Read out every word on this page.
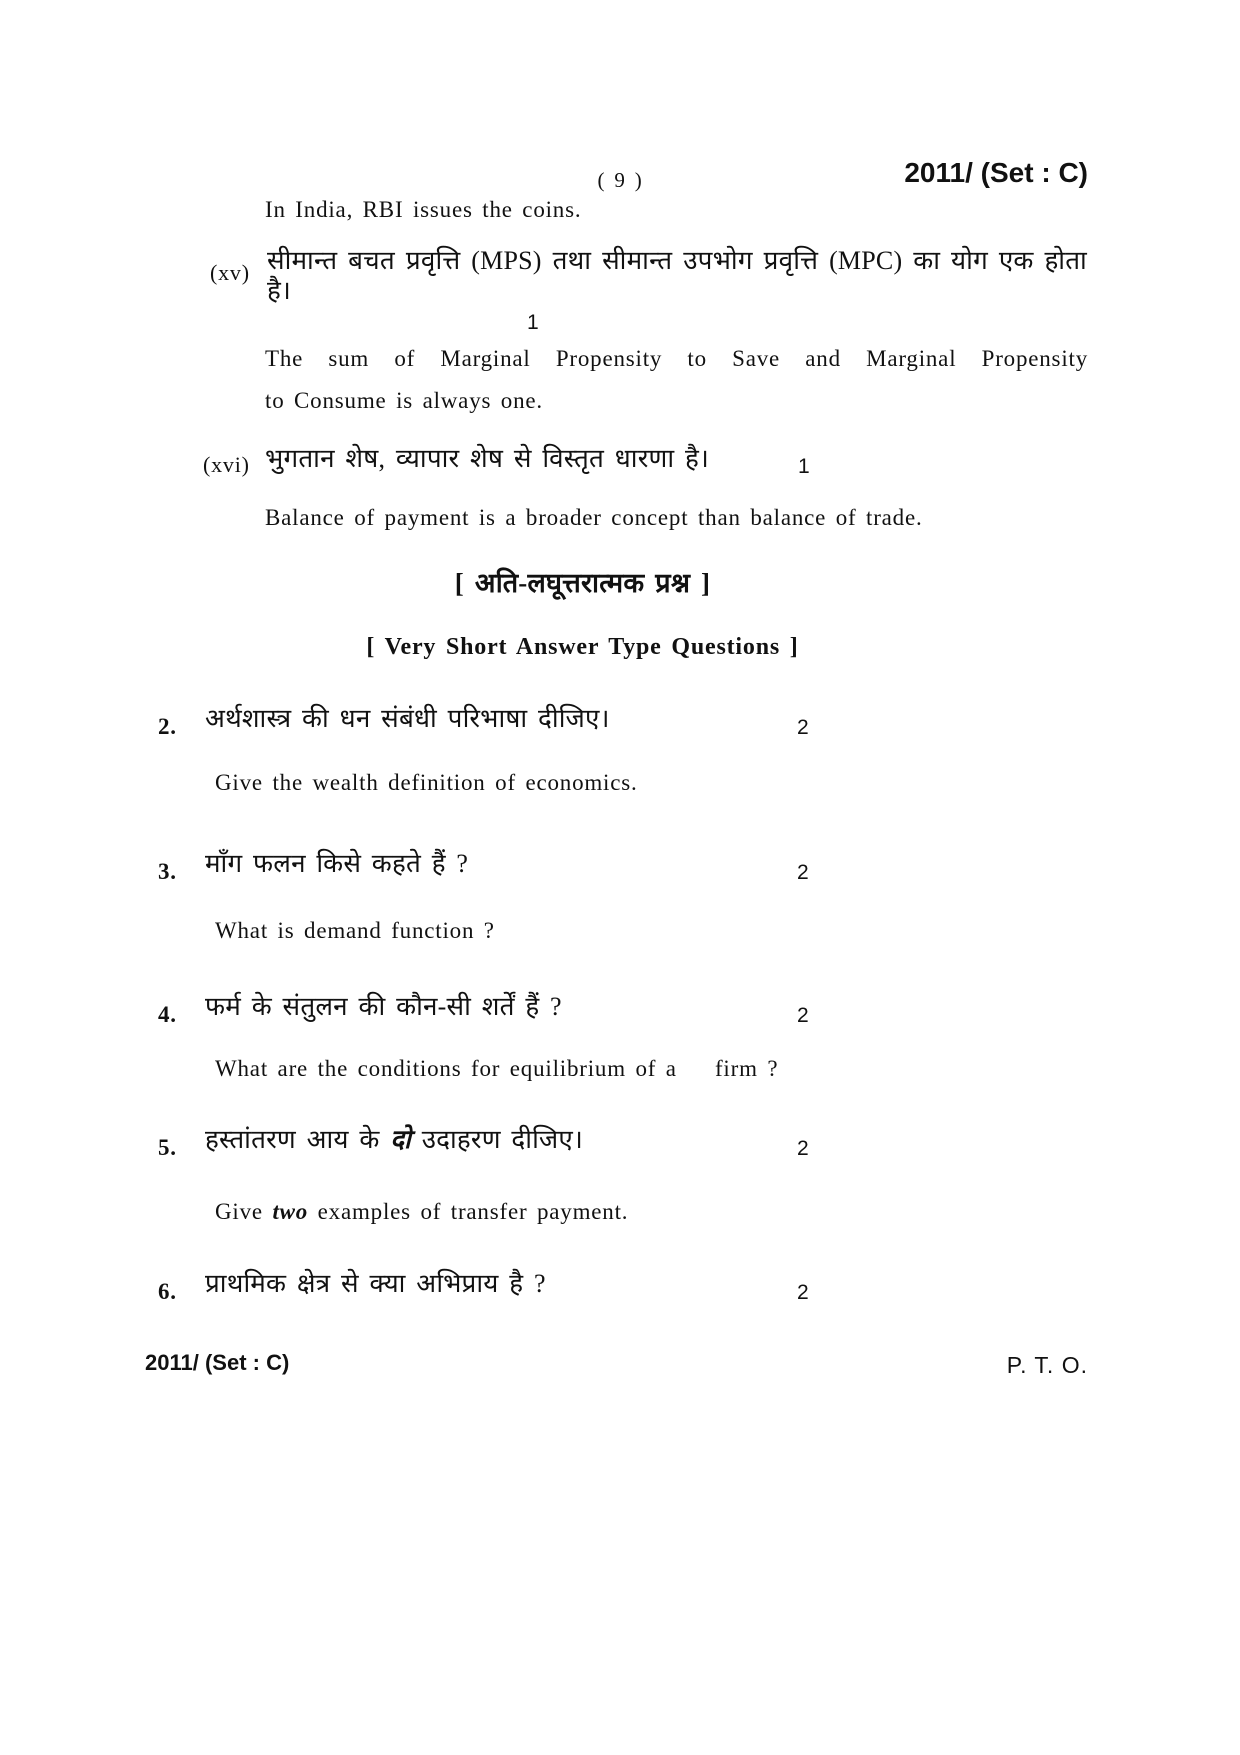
( 9 )	2011/ (Set : C)
In India, RBI issues the coins.
(xv) सीमान्त बचत प्रवृत्ति (MPS) तथा सीमान्त उपभोग प्रवृत्ति (MPC) का योग एक होता है।
1
The sum of Marginal Propensity to Save and Marginal Propensity
to Consume is always one.
(xvi) भुगतान शेष, व्यापार शेष से विस्तृत धारणा है।	1
Balance of payment is a broader concept than balance of trade.
[ अति-लघूत्तरात्मक प्रश्न ]
[ Very Short Answer Type Questions ]
2. अर्थशास्त्र की धन संबंधी परिभाषा दीजिए।	2
Give the wealth definition of economics.
3. माँग फलन किसे कहते हैं ?	2
What is demand function ?
4. फर्म के संतुलन की कौन-सी शर्तें हैं ?	2
What are the conditions for equilibrium of a    firm ?
5. हस्तांतरण आय के दो उदाहरण दीजिए।	2
Give two examples of transfer payment.
6. प्राथमिक क्षेत्र से क्या अभिप्राय है ?	2
2011/ (Set : C)	P. T. O.
